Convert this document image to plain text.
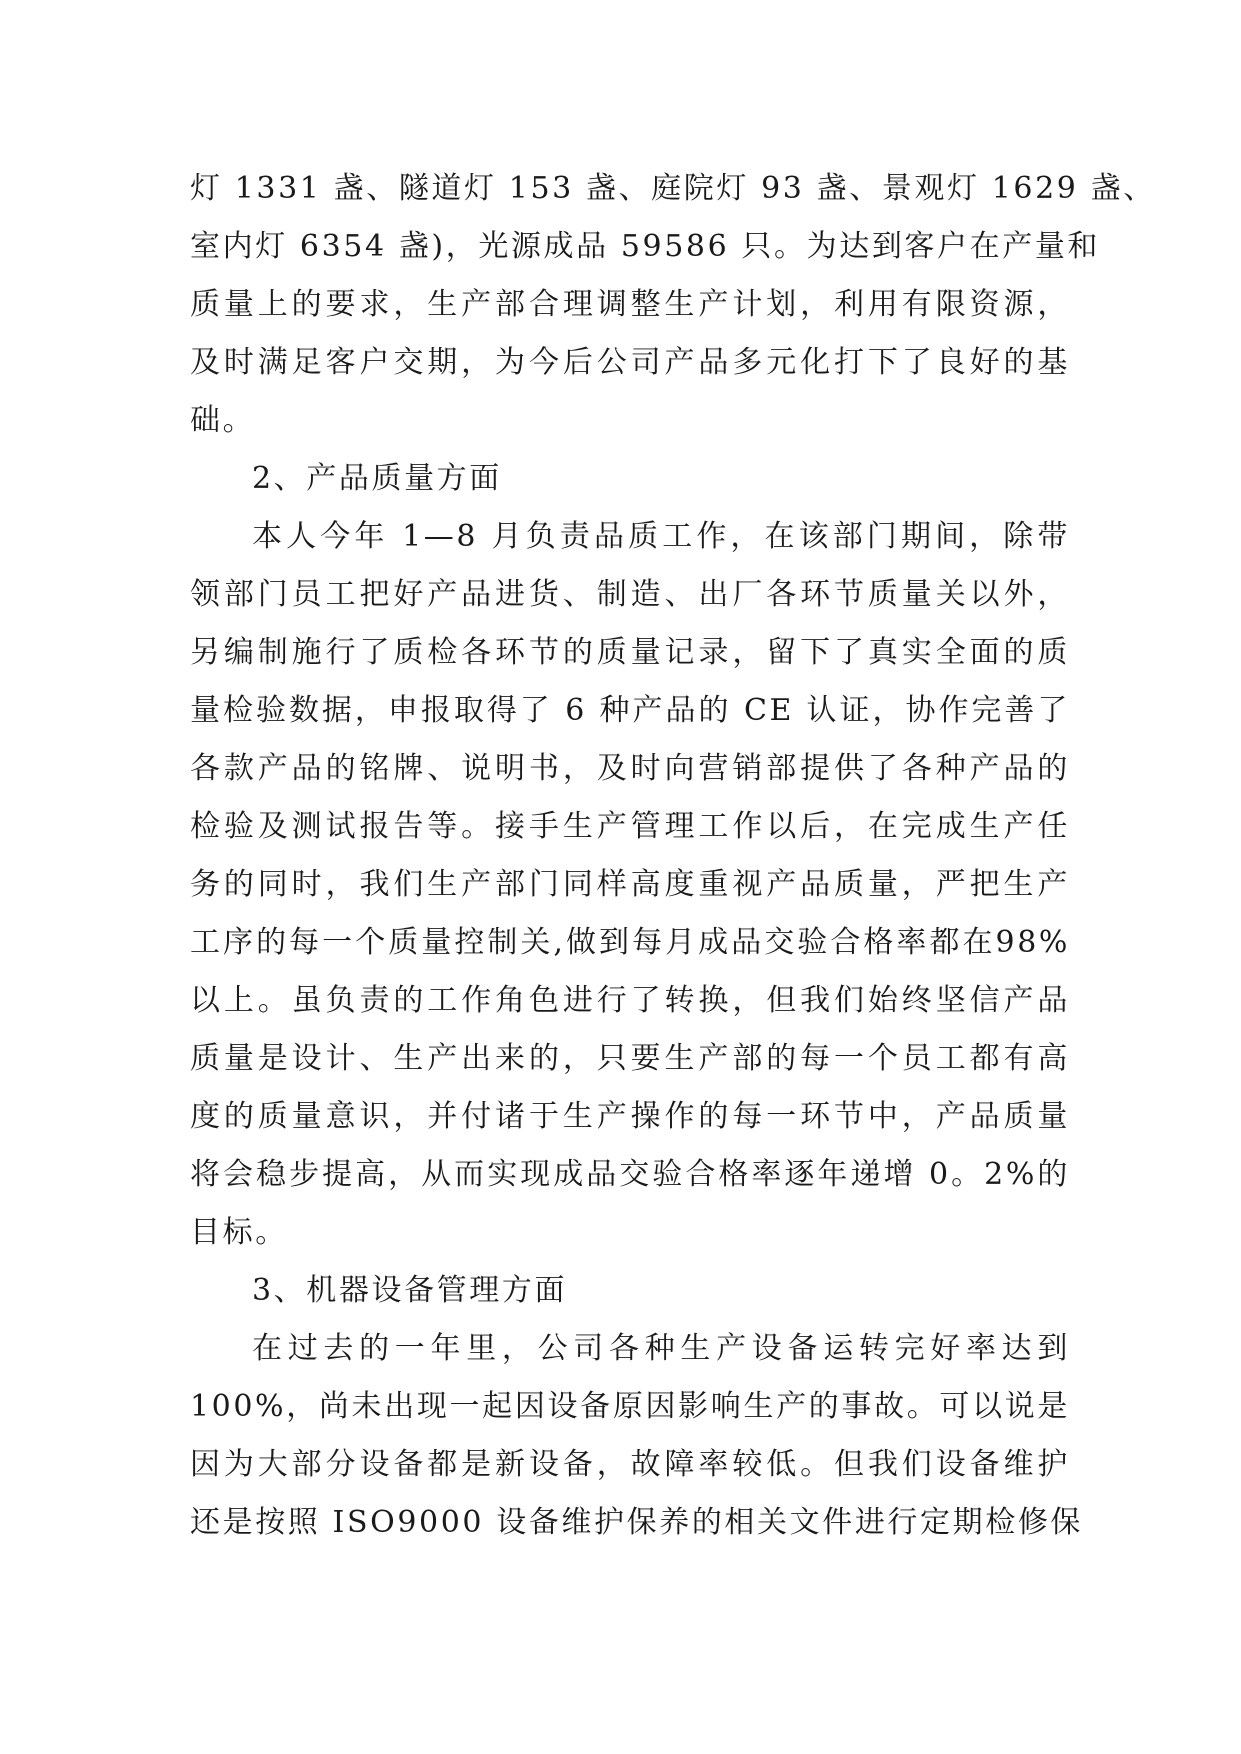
灯 1331 盏、隧道灯 153 盏、庭院灯 93 盏、景观灯 1629 盏、
室内灯 6354 盏)，光源成品 59586 只。为达到客户在产量和
质量上的要求，生产部合理调整生产计划，利用有限资源，
及时满足客户交期，为今后公司产品多元化打下了良好的基
础。
2、产品质量方面
本人今年 1—8 月负责品质工作，在该部门期间，除带
领部门员工把好产品进货、制造、出厂各环节质量关以外，
另编制施行了质检各环节的质量记录，留下了真实全面的质
量检验数据，申报取得了 6 种产品的 CE 认证，协作完善了
各款产品的铭牌、说明书，及时向营销部提供了各种产品的
检验及测试报告等。接手生产管理工作以后，在完成生产任
务的同时，我们生产部门同样高度重视产品质量，严把生产
工序的每一个质量控制关,做到每月成品交验合格率都在98%
以上。虽负责的工作角色进行了转换，但我们始终坚信产品
质量是设计、生产出来的，只要生产部的每一个员工都有高
度的质量意识，并付诸于生产操作的每一环节中，产品质量
将会稳步提高，从而实现成品交验合格率逐年递增 0。2%的
目标。
3、机器设备管理方面
在过去的一年里，公司各种生产设备运转完好率达到
100%，尚未出现一起因设备原因影响生产的事故。可以说是
因为大部分设备都是新设备，故障率较低。但我们设备维护
还是按照 ISO9000 设备维护保养的相关文件进行定期检修保
